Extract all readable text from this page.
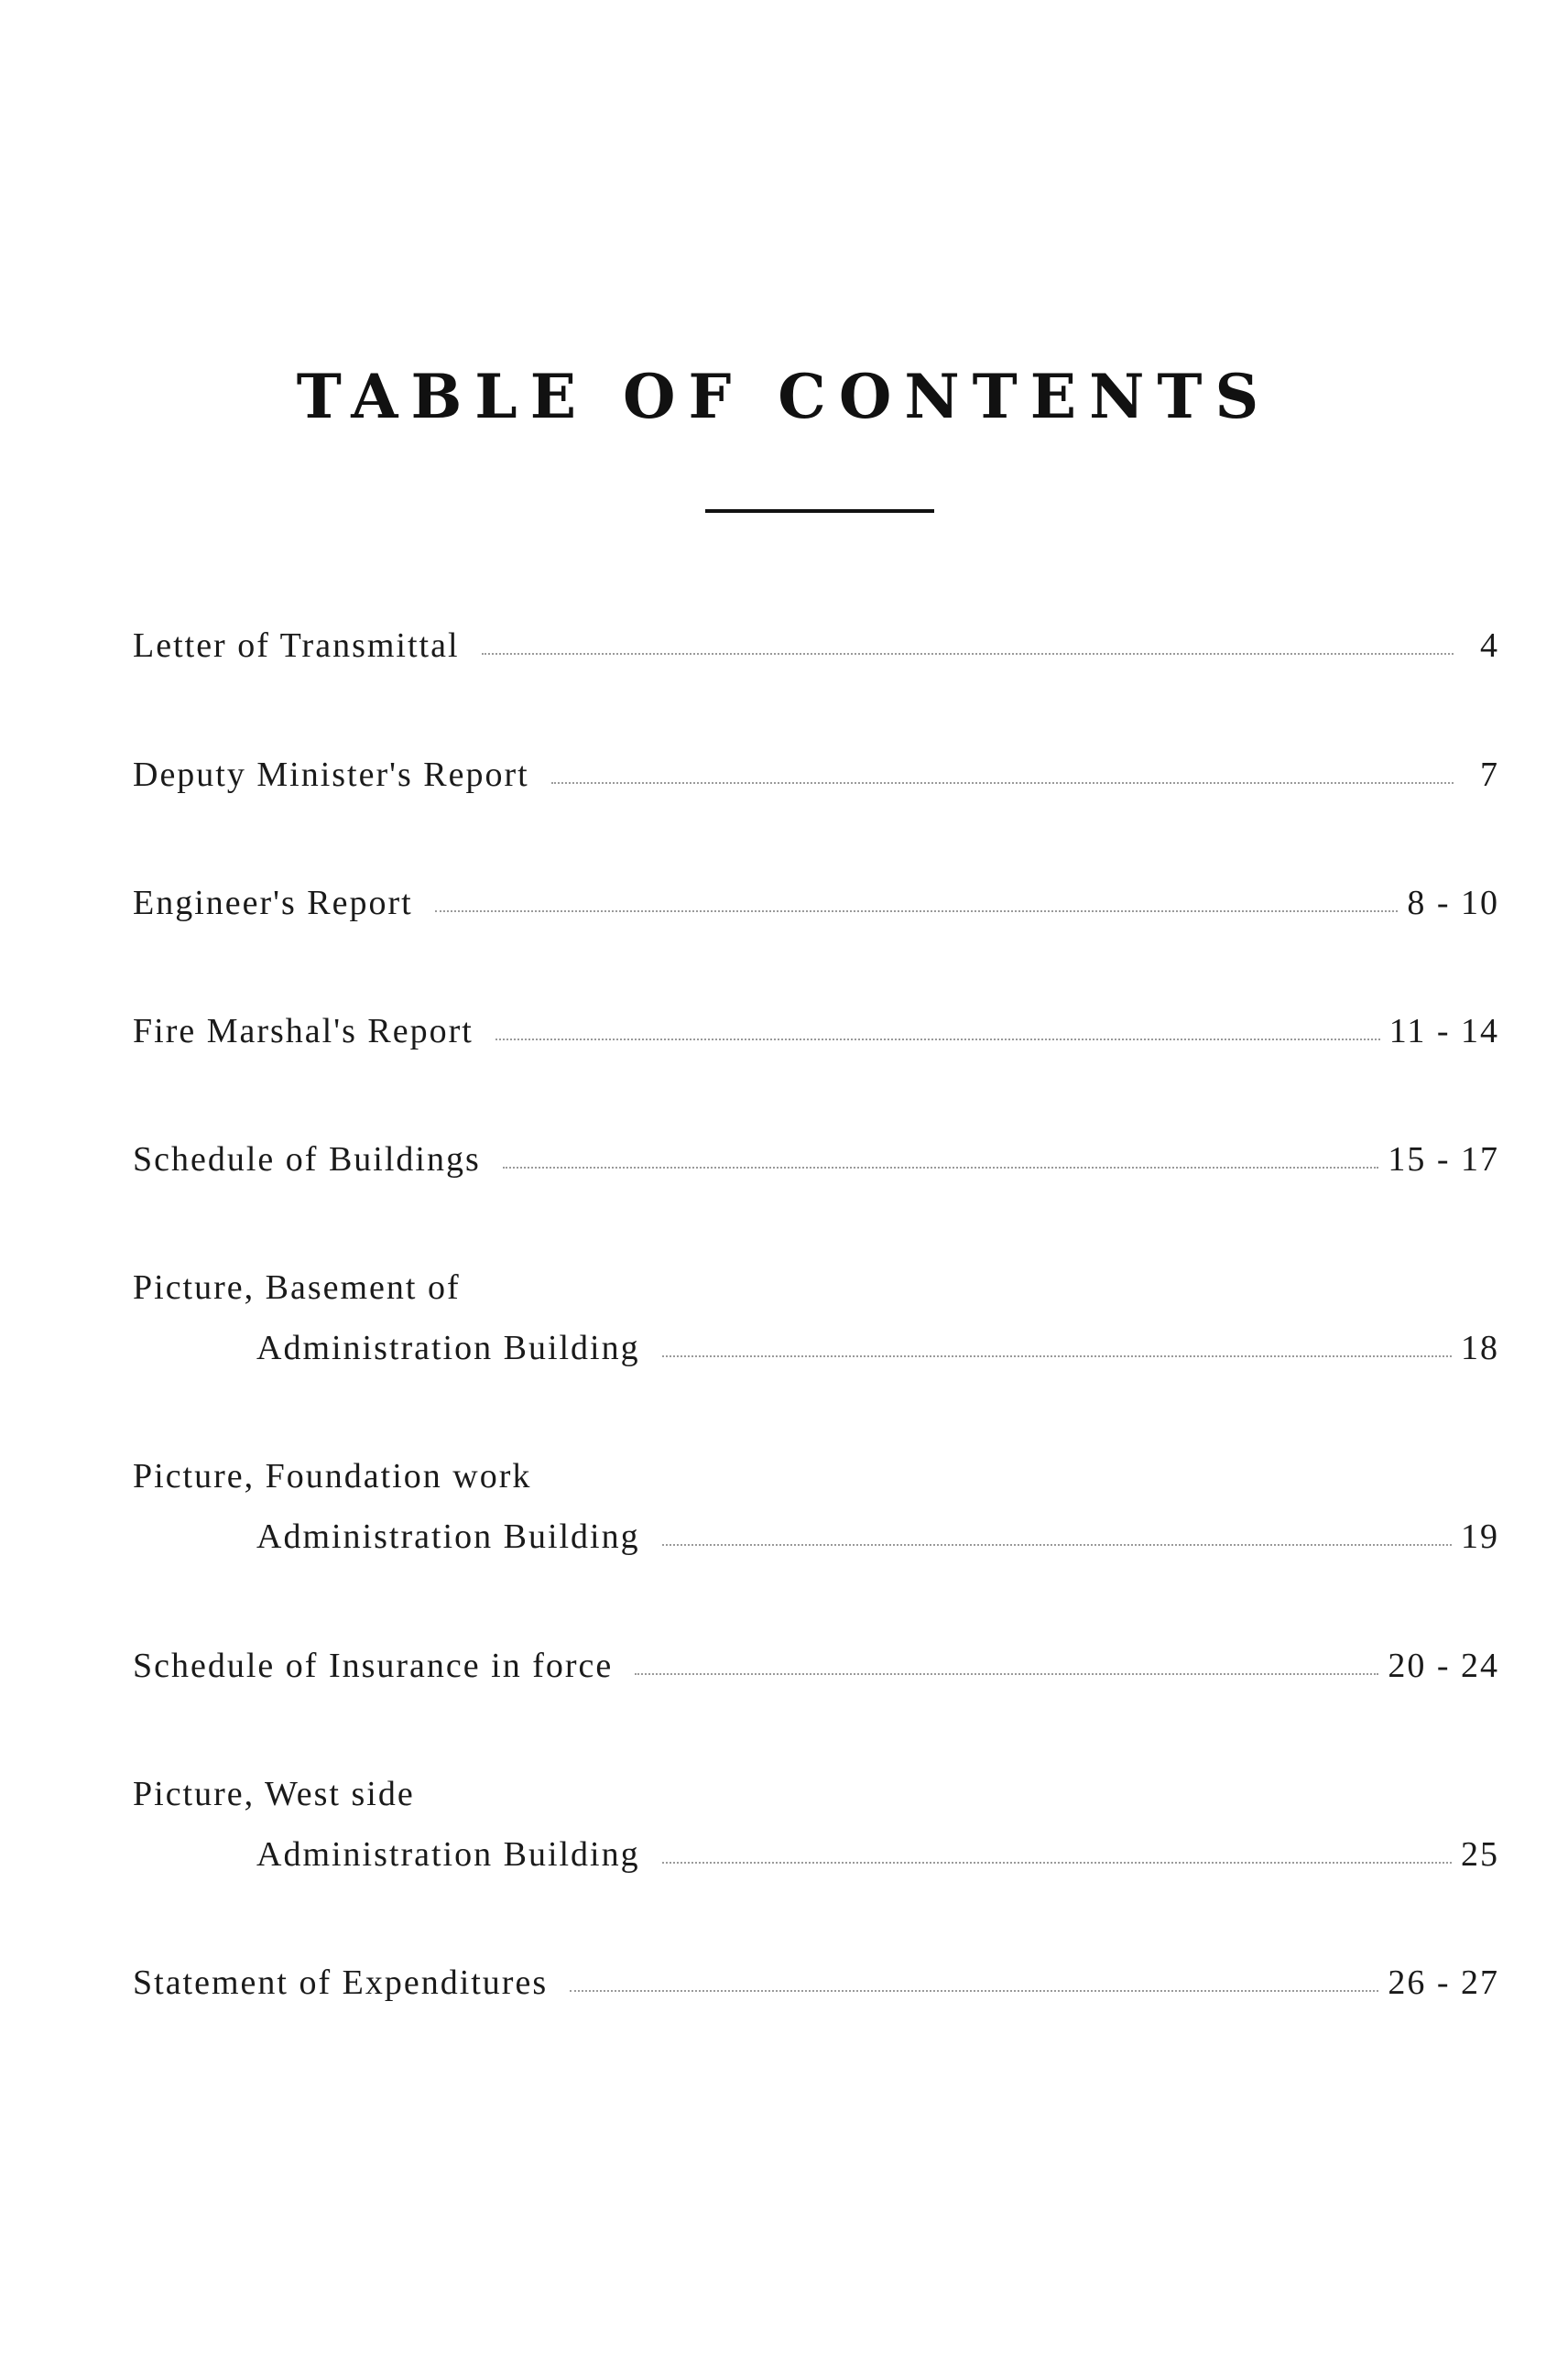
TABLE OF CONTENTS
Letter of Transmittal	4
Deputy Minister's Report	7
Engineer's Report	8 - 10
Fire Marshal's Report	11 - 14
Schedule of Buildings	15 - 17
Picture, Basement of
Administration Building	18
Picture, Foundation work
Administration Building	19
Schedule of Insurance in force	20 - 24
Picture, West side
Administration Building	25
Statement of Expenditures	26 - 27
